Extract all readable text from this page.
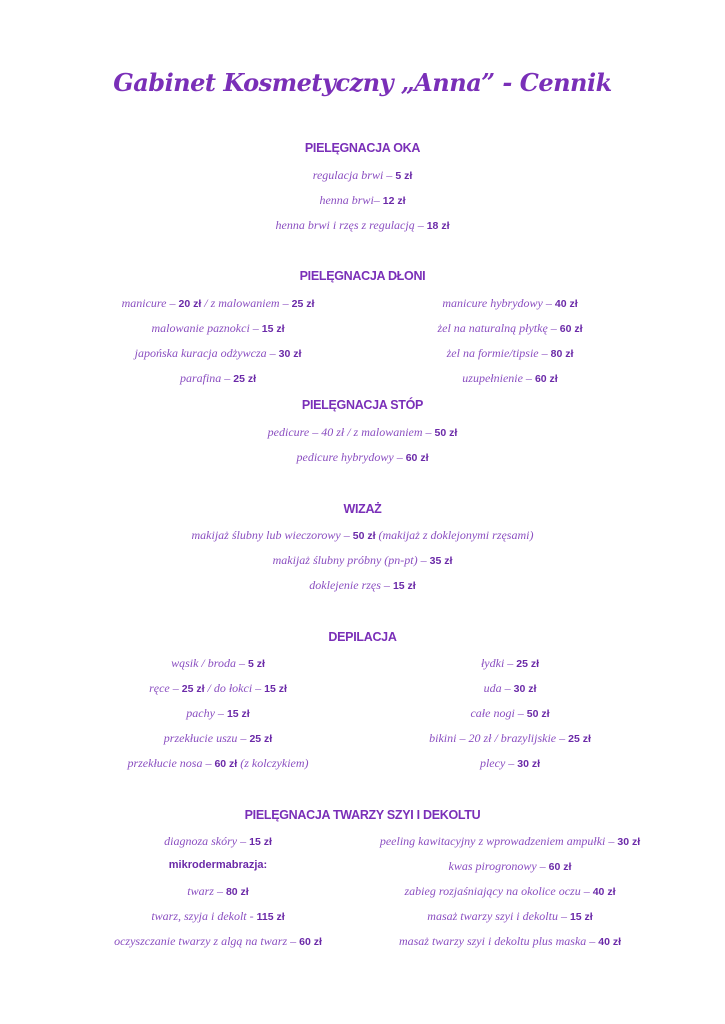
Gabinet Kosmetyczny „Anna” - Cennik
PIELĘGNACJA OKA
regulacja brwi – 5 zł
henna brwi– 12 zł
henna brwi i rzęs z regulacją – 18 zł
PIELĘGNACJA DŁONI
manicure – 20 zł / z malowaniem – 25 zł
malowanie paznokci – 15 zł
japońska kuracja odżywcza – 30 zł
parafina – 25 zł
manicure hybrydowy – 40 zł
żel na naturalną płytkę – 60 zł
żel na formie/tipsie – 80 zł
uzupełnienie – 60 zł
PIELĘGNACJA STÓP
pedicure – 40 zł / z malowaniem – 50 zł
pedicure hybrydowy – 60 zł
WIZAŻ
makijaż ślubny lub wieczorowy – 50 zł (makijaż z doklejonymi rzęsami)
makijaż ślubny próbny (pn-pt) – 35 zł
doklejenie rzęs – 15 zł
DEPILACJA
wąsik / broda – 5 zł
ręce – 25 zł / do łokci – 15 zł
pachy – 15 zł
przekłucie uszu – 25 zł
przekłucie nosa – 60 zł (z kolczykiem)
łydki – 25 zł
uda – 30 zł
całe nogi – 50 zł
bikini – 20 zł / brazylijskie – 25 zł
plecy – 30 zł
PIELĘGNACJA TWARZY SZYI I DEKOLTU
diagnoza skóry – 15 zł
mikrodermabrazja:
twarz – 80 zł
twarz, szyja i dekolt - 115 zł
oczyszczanie twarzy z algą na twarz – 60 zł
peeling kawitacyjny z wprowadzeniem ampułki – 30 zł
kwas pirogronowy – 60 zł
zabieg rozjaśniający na okolice oczu – 40 zł
masaż twarzy szyi i dekoltu – 15 zł
masaż twarzy szyi i dekoltu plus maska – 40 zł
